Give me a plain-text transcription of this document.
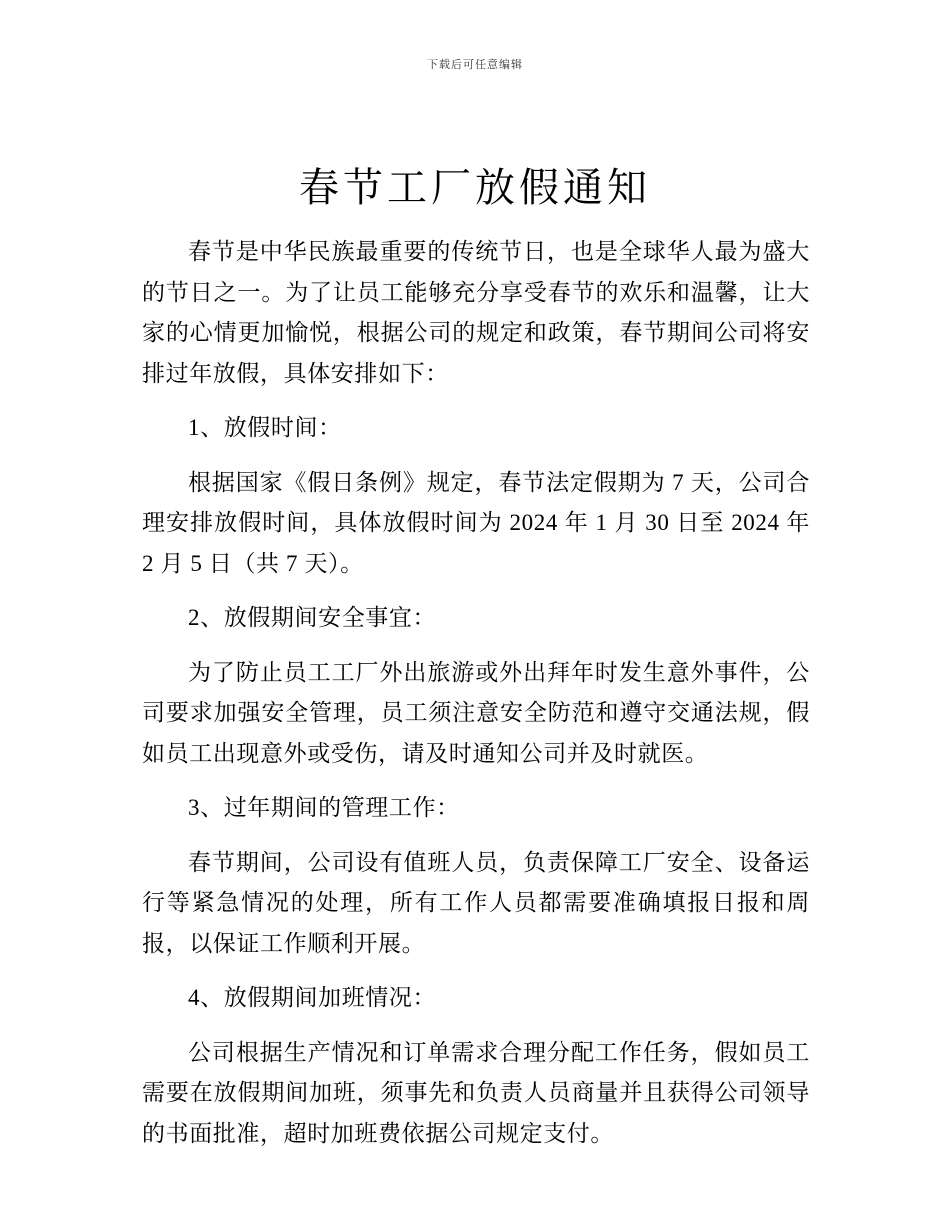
下载后可任意编辑
春节工厂放假通知

春节是中华民族最重要的传统节日，也是全球华人最为盛大的节日之一。为了让员工能够充分享受春节的欢乐和温馨，让大家的心情更加愉悦，根据公司的规定和政策，春节期间公司将安排过年放假，具体安排如下：

1、放假时间：

根据国家《假日条例》规定，春节法定假期为 7 天，公司合理安排放假时间，具体放假时间为 2024 年 1 月 30 日至 2024 年 2 月 5 日（共 7 天）。

2、放假期间安全事宜：

为了防止员工工厂外出旅游或外出拜年时发生意外事件，公司要求加强安全管理，员工须注意安全防范和遵守交通法规，假如员工出现意外或受伤，请及时通知公司并及时就医。

3、过年期间的管理工作：

春节期间，公司设有值班人员，负责保障工厂安全、设备运行等紧急情况的处理，所有工作人员都需要准确填报日报和周报，以保证工作顺利开展。

4、放假期间加班情况：

公司根据生产情况和订单需求合理分配工作任务，假如员工需要在放假期间加班，须事先和负责人员商量并且获得公司领导的书面批准，超时加班费依据公司规定支付。
